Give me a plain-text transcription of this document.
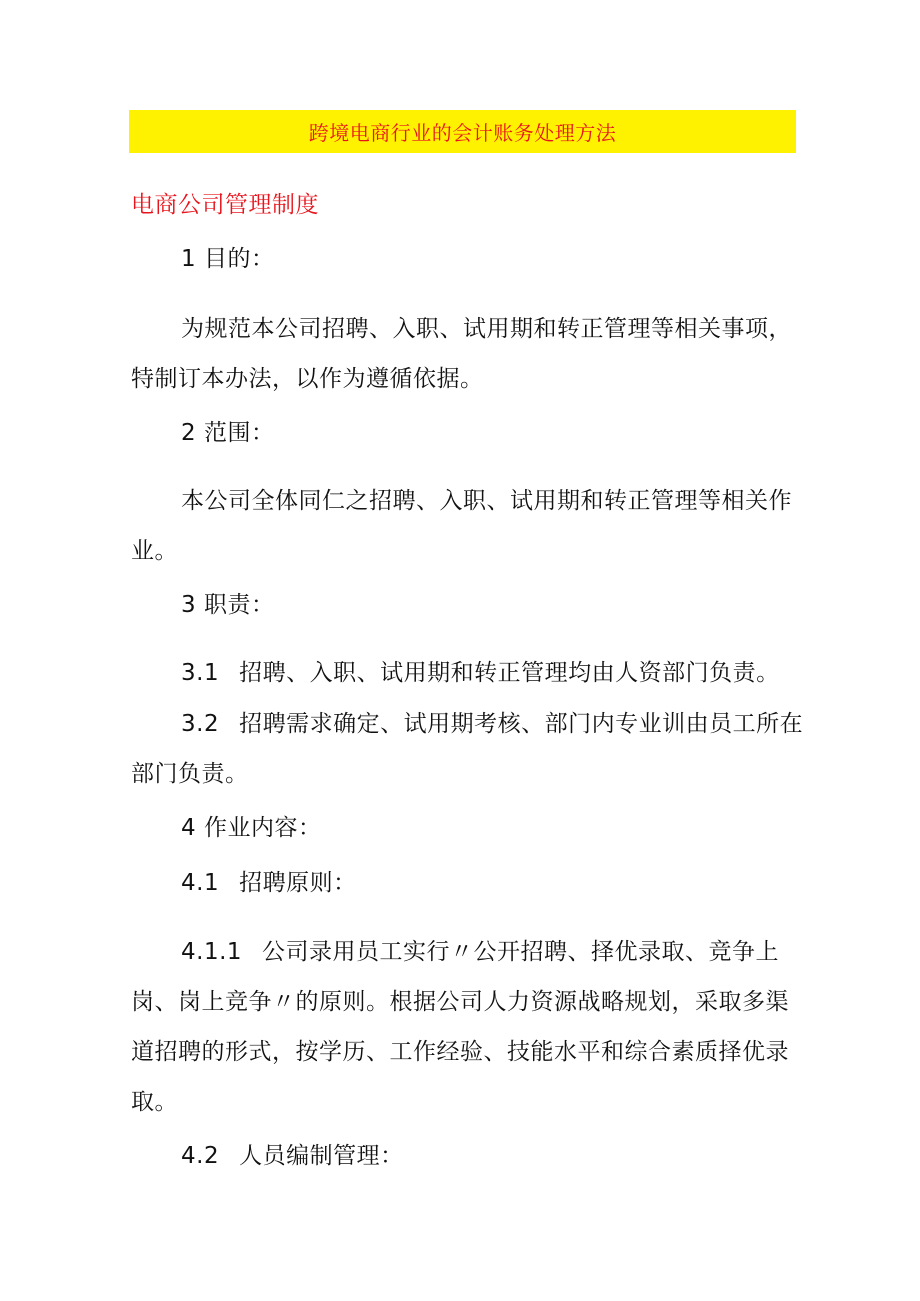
跨境电商行业的会计账务处理方法
电商公司管理制度
1 目的：
为规范本公司招聘、入职、试用期和转正管理等相关事项，
特制订本办法，以作为遵循依据。
2 范围：
本公司全体同仁之招聘、入职、试用期和转正管理等相关作
业。
3 职责：
3.1 招聘、入职、试用期和转正管理均由人资部门负责。
3.2 招聘需求确定、试用期考核、部门内专业训由员工所在
部门负责。
4 作业内容：
4.1 招聘原则：
4.1.1 公司录用员工实行〃公开招聘、择优录取、竞争上
岗、岗上竞争〃的原则。根据公司人力资源战略规划，采取多渠
道招聘的形式，按学历、工作经验、技能水平和综合素质择优录
取。
4.2 人员编制管理：
